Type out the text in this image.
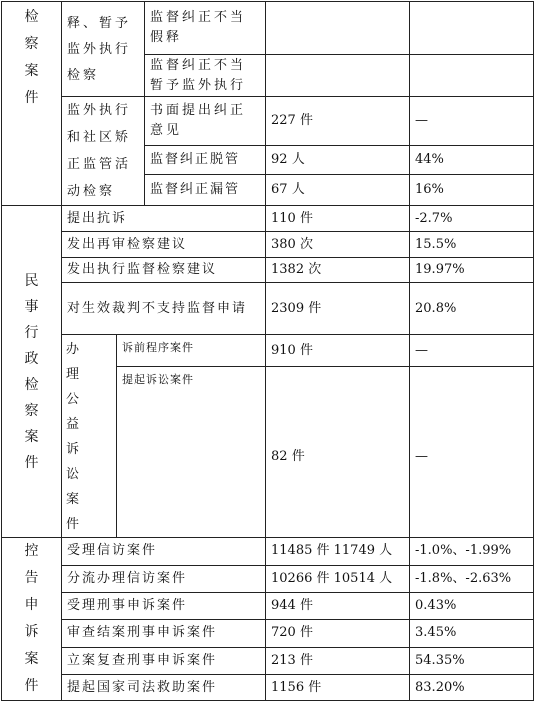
检察案件	释、暂予监外执行检察		监督纠正不当假释		
			监督纠正不当暂予监外执行		
	监外执行和社区矫正监管活动检察		书面提出纠正意见	227 件	—
			监督纠正脱管	92 人	44%
			监督纠正漏管	67 人	16%

民事行政检察案件	提出抗诉			110 件	-2.7%
	发出再审检察建议			380 次	15.5%
	发出执行监督检察建议			1382 次	19.97%
	对生效裁判不支持监督申请			2309 件	20.8%

	办理公益诉讼案件	诉前程序案件		910 件	—
		提起诉讼案件		82 件	—

控告申诉案件	受理信访案件			11485 件 11749 人	-1.0%、-1.99%
	分流办理信访案件			10266 件 10514 人	-1.8%、-2.63%
	受理刑事申诉案件			944 件	0.43%
	审查结案刑事申诉案件			720 件	3.45%
	立案复查刑事申诉案件			213 件	54.35%
	提起国家司法救助案件			1156 件	83.20%
